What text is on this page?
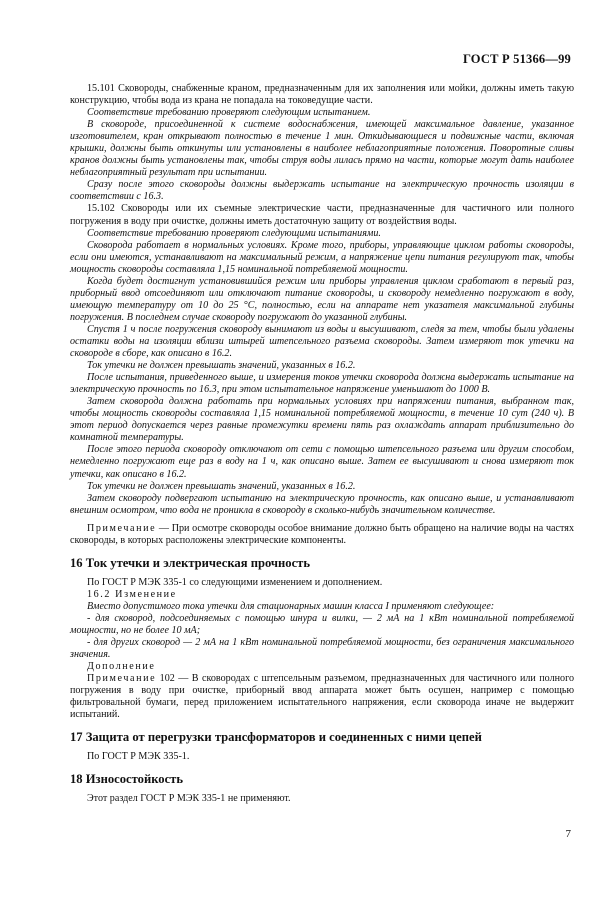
ГОСТ Р 51366—99

15.101 Сковороды, снабженные краном, предназначенным для их заполнения или мойки, должны иметь такую конструкцию, чтобы вода из крана не попадала на токоведущие части.

Соответствие требованию проверяют следующим испытанием.

В сковороде, присоединенной к системе водоснабжения, имеющей максимальное давление, указанное изготовителем, кран открывают полностью в течение 1 мин. Откидывающиеся и подвижные части, включая крышки, должны быть откинуты или установлены в наиболее неблагоприятные положения. Поворотные сливы кранов должны быть установлены так, чтобы струя воды лилась прямо на части, которые могут дать наиболее неблагоприятный результат при испытании.

Сразу после этого сковороды должны выдержать испытание на электрическую прочность изоляции в соответствии с 16.3.

15.102 Сковороды или их съемные электрические части, предназначенные для частичного или полного погружения в воду при очистке, должны иметь достаточную защиту от воздействия воды.

Соответствие требованию проверяют следующими испытаниями.

Сковорода работает в нормальных условиях. Кроме того, приборы, управляющие циклом работы сковороды, если они имеются, устанавливают на максимальный режим, а напряжение цепи питания регулируют так, чтобы мощность сковороды составляла 1,15 номинальной потребляемой мощности.

Когда будет достигнут установившийся режим или приборы управления циклом сработают в первый раз, приборный ввод отсоединяют или отключают питание сковороды, и сковороду немедленно погружают в воду, имеющую температуру от 10 до 25 °С, полностью, если на аппарате нет указателя максимальной глубины погружения. В последнем случае сковороду погружают до указанной глубины.

Спустя 1 ч после погружения сковороду вынимают из воды и высушивают, следя за тем, чтобы были удалены остатки воды на изоляции вблизи штырей штепсельного разъема сковороды. Затем измеряют ток утечки на сковороде в сборе, как описано в 16.2.

Ток утечки не должен превышать значений, указанных в 16.2.

После испытания, приведенного выше, и измерения токов утечки сковорода должна выдержать испытание на электрическую прочность по 16.3, при этом испытательное напряжение уменьшают до 1000 В.

Затем сковорода должна работать при нормальных условиях при напряжении питания, выбранном так, чтобы мощность сковороды составляла 1,15 номинальной потребляемой мощности, в течение 10 сут (240 ч). В этот период допускается через равные промежутки времени пять раз охлаждать аппарат приблизительно до комнатной температуры.

После этого периода сковороду отключают от сети с помощью штепсельного разъема или другим способом, немедленно погружают еще раз в воду на 1 ч, как описано выше. Затем ее высушивают и снова измеряют ток утечки, как описано в 16.2.

Ток утечки не должен превышать значений, указанных в 16.2.

Затем сковороду подвергают испытанию на электрическую прочность, как описано выше, и устанавливают внешним осмотром, что вода не проникла в сковороду в сколько-нибудь значительном количестве.

Примечание — При осмотре сковороды особое внимание должно быть обращено на наличие воды на частях сковороды, в которых расположены электрические компоненты.

16 Ток утечки и электрическая прочность

По ГОСТ Р МЭК 335-1 со следующими изменением и дополнением.

16.2 Изменение

Вместо допустимого тока утечки для стационарных машин класса I применяют следующее:

- для сковород, подсоединяемых с помощью шнура и вилки, — 2 мА на 1 кВт номинальной потребляемой мощности, но не более 10 мА;

- для других сковород — 2 мА на 1 кВт номинальной потребляемой мощности, без ограничения максимального значения.

Дополнение

Примечание 102 — В сковородах с штепсельным разъемом, предназначенных для частичного или полного погружения в воду при очистке, приборный ввод аппарата может быть осушен, например с помощью фильтровальной бумаги, перед приложением испытательного напряжения, если сковорода иначе не выдержит испытаний.

17 Защита от перегрузки трансформаторов и соединенных с ними цепей

По ГОСТ Р МЭК 335-1.

18 Износостойкость

Этот раздел ГОСТ Р МЭК 335-1 не применяют.

7
